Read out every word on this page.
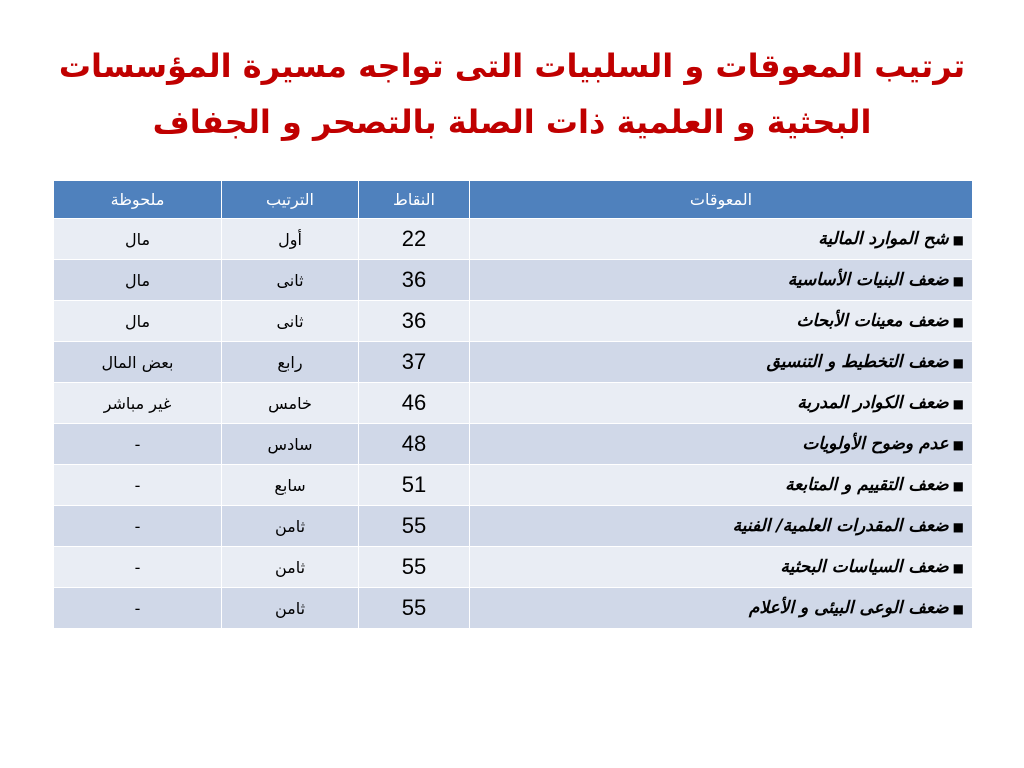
ترتيب المعوقات و السلبيات التى تواجه مسيرة المؤسسات
البحثية و العلمية ذات الصلة بالتصحر و الجفاف
المعوقات	النقاط	الترتيب	ملحوظة
■شح الموارد المالية	22	أول	مال
■ضعف البنيات الأساسية	36	ثانى	مال
■ضعف معينات الأبحاث	36	ثانى	مال
■ضعف التخطيط و التنسيق	37	رابع	بعض المال
■ضعف الكوادر المدربة	46	خامس	غير مباشر
■عدم وضوح الأولويات	48	سادس	-
■ضعف التقييم و المتابعة	51	سابع	-
■ضعف المقدرات العلمية/ الفنية	55	ثامن	-
■ضعف السياسات البحثية	55	ثامن	-
■ضعف الوعى البيئى و الأعلام	55	ثامن	-
